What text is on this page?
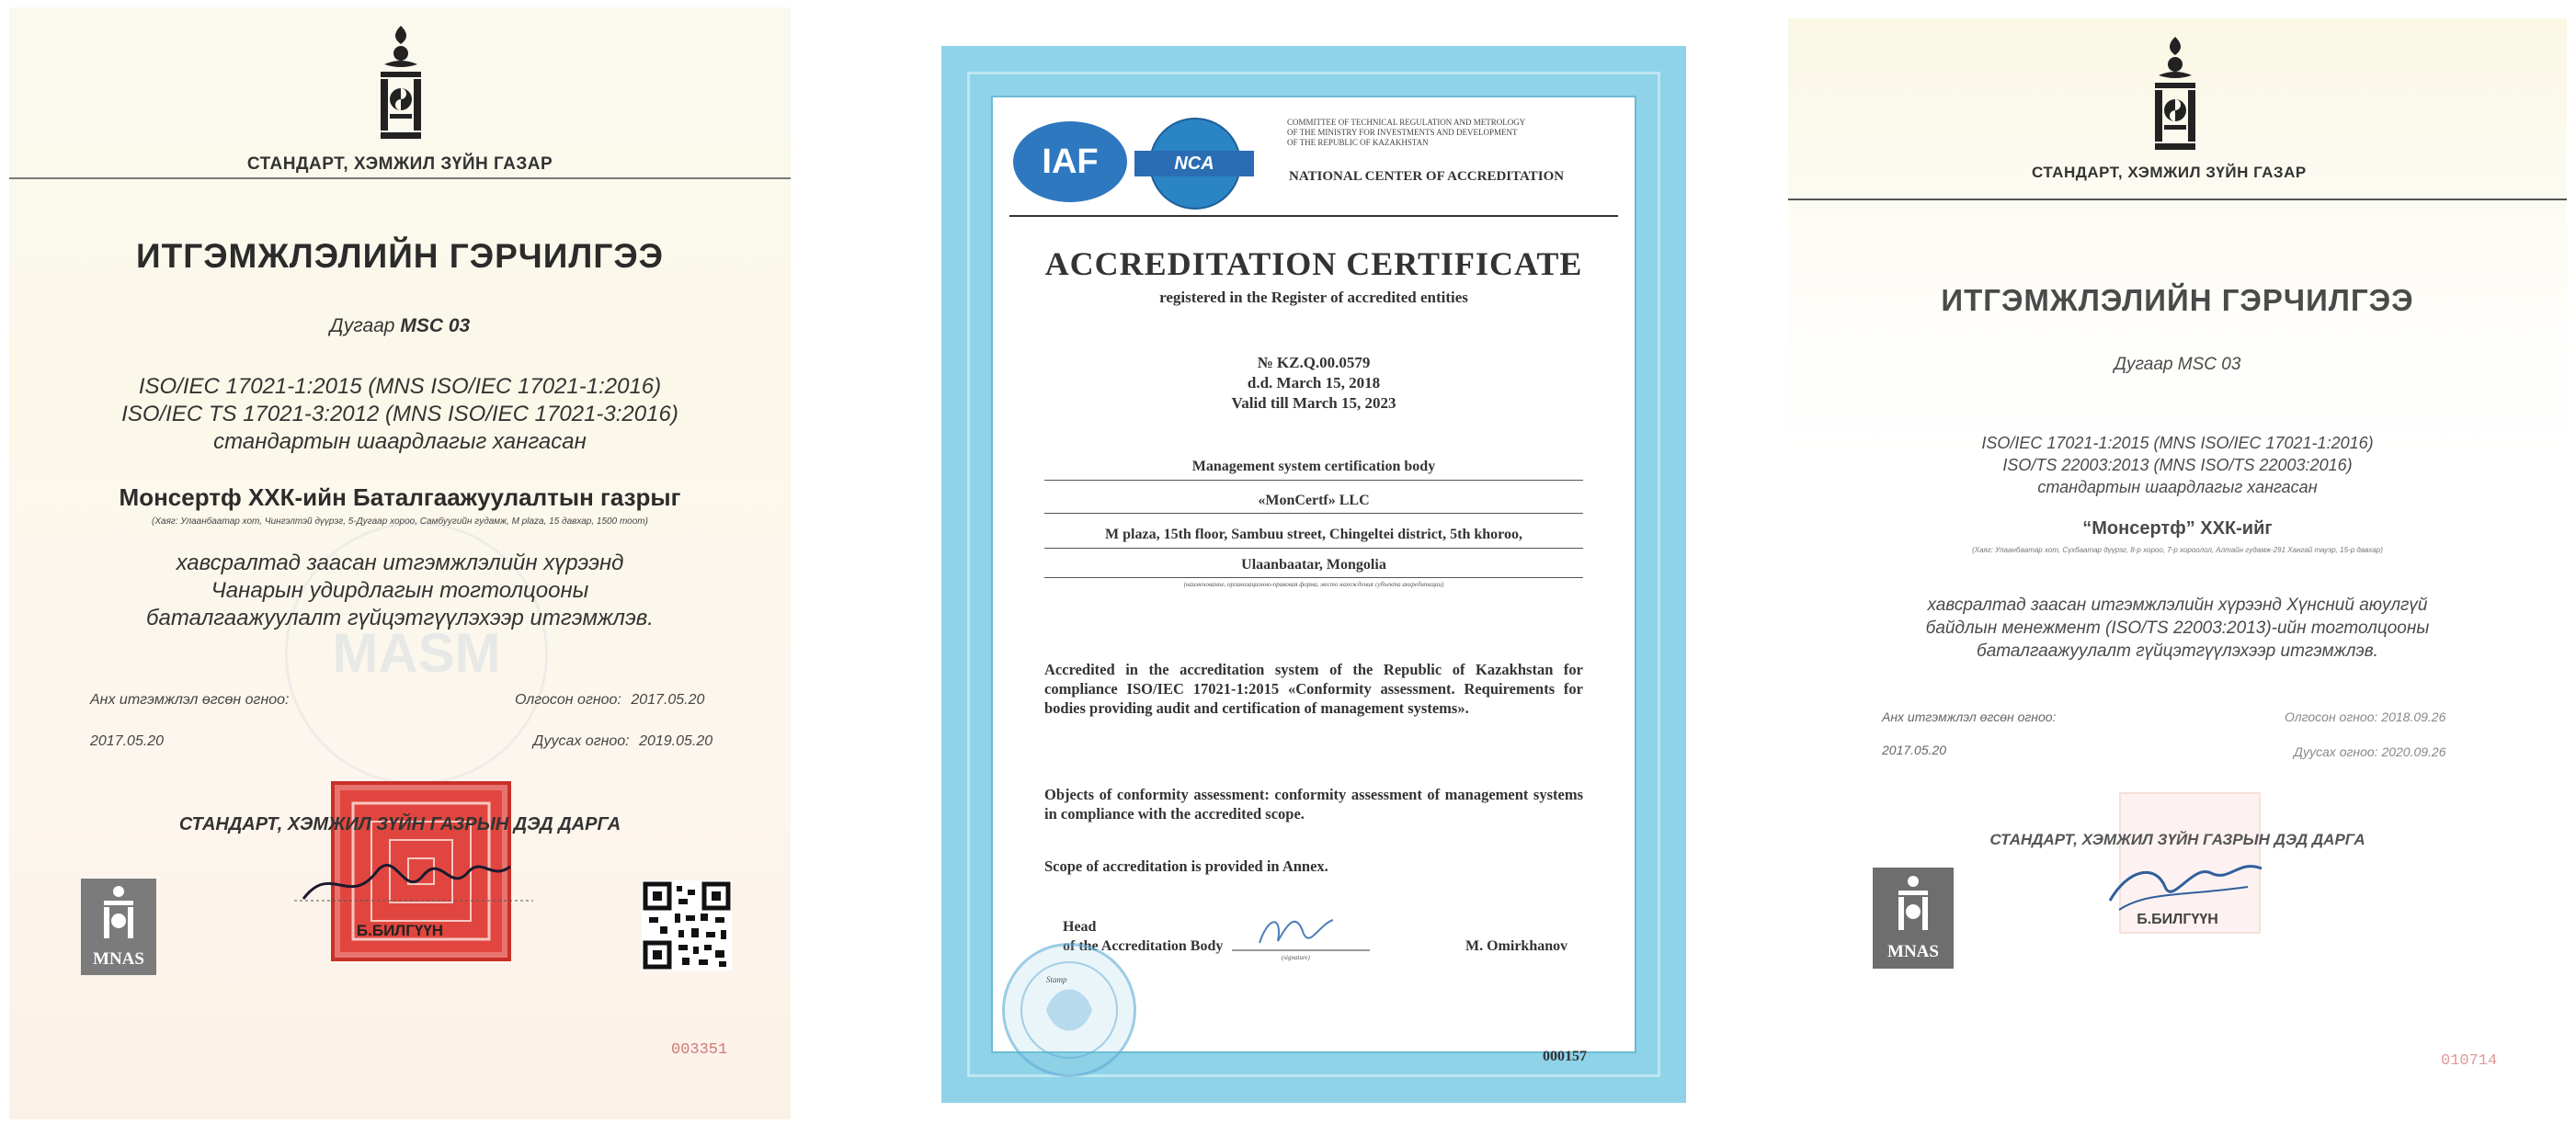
СТАНДАРТ, ХЭМЖИЛ ЗҮЙН ГАЗАР
MASM
ИТГЭМЖЛЭЛИЙН ГЭРЧИЛГЭЭ
Дугаар MSC 03
ISO/IEC 17021-1:2015 (MNS ISO/IEC 17021-1:2016)
ISO/IEC TS 17021-3:2012 (MNS ISO/IEC 17021-3:2016)
стандартын шаардлагыг хангасан
Монсертф ХХК-ийн Баталгаажуулалтын газрыг
(Хаяг: Улаанбаатар хот, Чингэлтэй дүүрэг, 5-Дугаар хороо, Самбуугийн гудамж, М plaza, 15 давхар, 1500 тоот)
хавсралтад заасан итгэмжлэлийн хүрээнд
Чанарын удирдлагын тогтолцооны
баталгаажуулалт гүйцэтгүүлэхээр итгэмжлэв.
Анх итгэмжлэл өгсөн огноо:
2017.05.20
Олгосон огноо: 2017.05.20
Дуусах огноо: 2019.05.20
СТАНДАРТ, ХЭМЖИЛ ЗҮЙН ГАЗРЫН ДЭД ДАРГА
Б.БИЛГҮҮН
MNAS
003351
IAF	NCA
COMMITTEE OF TECHNICAL REGULATION AND METROLOGY
OF THE MINISTRY FOR INVESTMENTS AND DEVELOPMENT
OF THE REPUBLIC OF KAZAKHSTAN
NATIONAL CENTER OF ACCREDITATION
ACCREDITATION CERTIFICATE
registered in the Register of accredited entities
№ KZ.Q.00.0579
d.d. March 15, 2018
Valid till March 15, 2023
Management system certification body
«MonCertf» LLC
M plaza, 15th floor, Sambuu street, Chingeltei district, 5th khoroo,
Ulaanbaatar, Mongolia
(наименование, организационно-правовая форма, место нахождения субъекта аккредитации)
Accredited in the accreditation system of the Republic of Kazakhstan for compliance ISO/IEC 17021-1:2015 «Conformity assessment. Requirements for bodies providing audit and certification of management systems».
Objects of conformity assessment: conformity assessment of management systems in compliance with the accredited scope.
Scope of accreditation is provided in Annex.
Head
of the Accreditation Body
(signature)
M. Omirkhanov
Stamp
000157
СТАНДАРТ, ХЭМЖИЛ ЗҮЙН ГАЗАР
ИТГЭМЖЛЭЛИЙН ГЭРЧИЛГЭЭ
Дугаар MSC 03
ISO/IEC 17021-1:2015 (MNS ISO/IEC 17021-1:2016)
ISO/TS 22003:2013 (MNS ISO/TS 22003:2016)
стандартын шаардлагыг хангасан
“Монсертф” ХХК-ийг
(Хаяг: Улаанбаатар хот, Сүхбаатар дүүрэг, 8-р хороо, 7-р хороолол, Алтайн гудамж-291 Хангай тауэр, 15-р давхар)
хавсралтад заасан итгэмжлэлийн хүрээнд Хүнсний аюулгүй
байдлын менежмент (ISO/TS 22003:2013)-ийн тогтолцооны
баталгаажуулалт гүйцэтгүүлэхээр итгэмжлэв.
Анх итгэмжлэл өгсөн огноо:
2017.05.20
Олгосон огноо: 2018.09.26
Дуусах огноо: 2020.09.26
СТАНДАРТ, ХЭМЖИЛ ЗҮЙН ГАЗРЫН ДЭД ДАРГА
Б.БИЛГҮҮН
MNAS
010714
